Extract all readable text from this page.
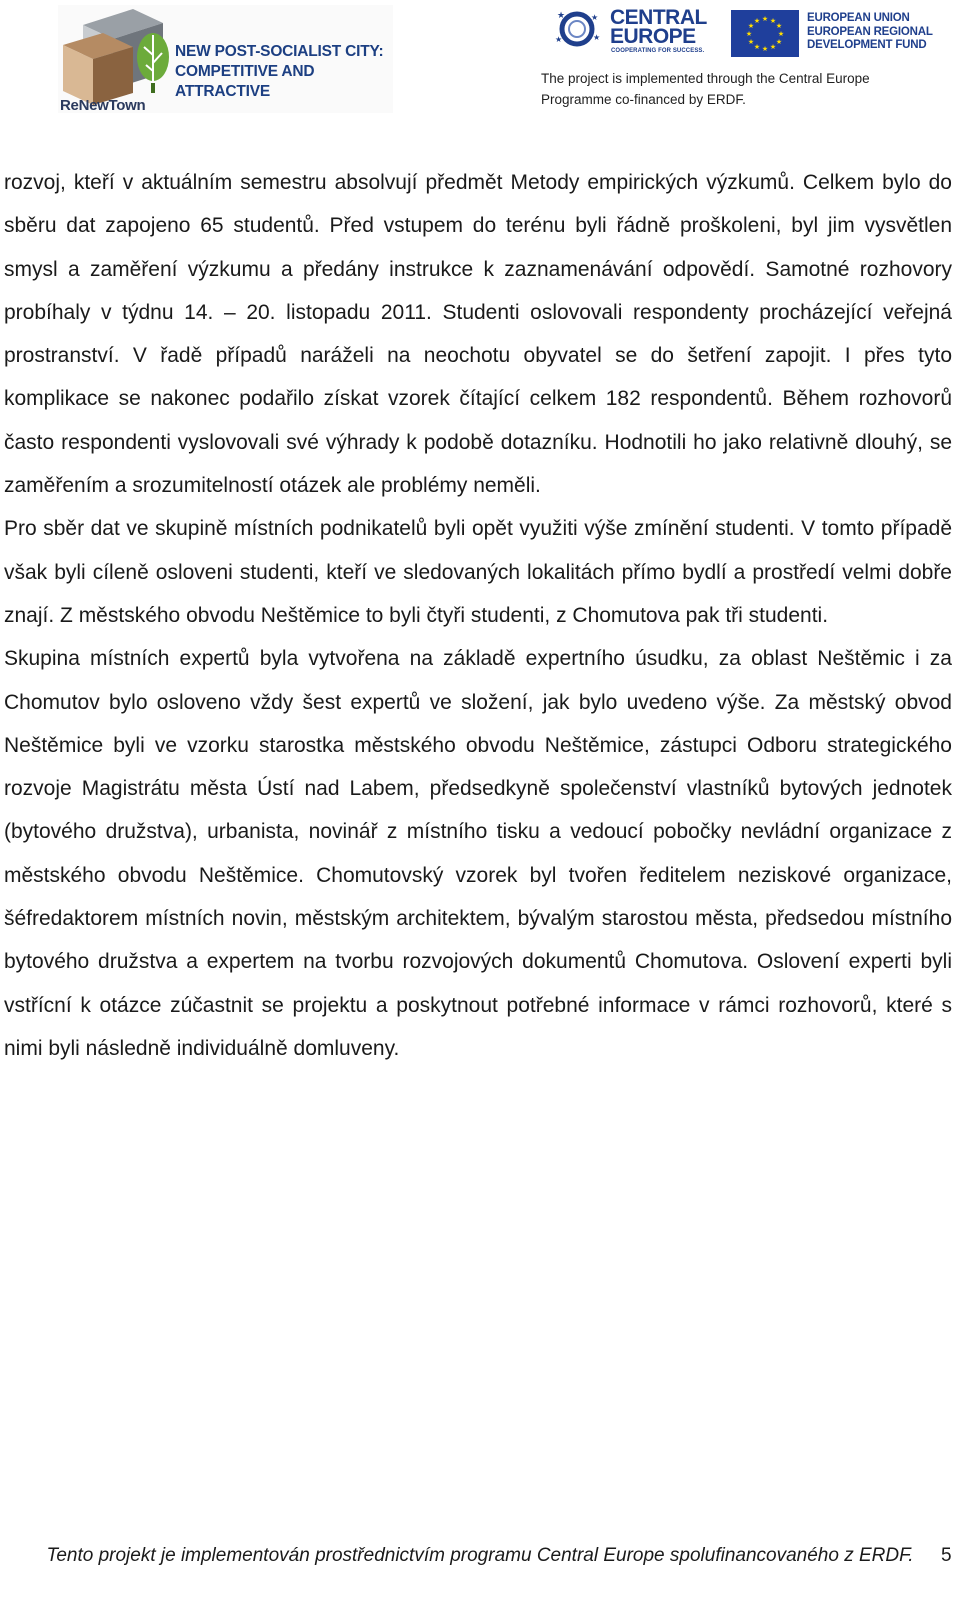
NEW POST-SOCIALIST CITY:
COMPETITIVE AND ATTRACTIVE
ReNewTown
★	★
★
★
CENTRAL
EUROPE
COOPERATING FOR SUCCESS.
★ ★
★
★
★
★
★
★
★
★
★
★	EUROPEAN UNION
EUROPEAN REGIONAL
DEVELOPMENT FUND
The project is implemented through the Central Europe
Programme co-financed by ERDF.

rozvoj, kteří v aktuálním semestru absolvují předmět Metody empirických výzkumů. Celkem bylo do sběru dat zapojeno 65 studentů. Před vstupem do terénu byli řádně proškoleni, byl jim vysvětlen smysl a zaměření výzkumu a předány instrukce k zaznamenávání odpovědí. Samotné rozhovory probíhaly v týdnu 14. – 20. listopadu 2011. Studenti oslovovali respondenty procházející veřejná prostranství. V řadě případů naráželi na neochotu obyvatel se do šetření zapojit. I přes tyto komplikace se nakonec podařilo získat vzorek čítající celkem 182 respondentů. Během rozhovorů často respondenti vyslovovali své výhrady k podobě dotazníku. Hodnotili ho jako relativně dlouhý, se zaměřením a srozumitelností otázek ale problémy neměli.

Pro sběr dat ve skupině místních podnikatelů byli opět využiti výše zmínění studenti. V tomto případě však byli cíleně osloveni studenti, kteří ve sledovaných lokalitách přímo bydlí a prostředí velmi dobře znají. Z městského obvodu Neštěmice to byli čtyři studenti, z Chomutova pak tři studenti.

Skupina místních expertů byla vytvořena na základě expertního úsudku, za oblast Neštěmic i za Chomutov bylo osloveno vždy šest expertů ve složení, jak bylo uvedeno výše. Za městský obvod Neštěmice byli ve vzorku starostka městského obvodu Neštěmice, zástupci Odboru strategického rozvoje Magistrátu města Ústí nad Labem, předsedkyně společenství vlastníků bytových jednotek (bytového družstva), urbanista, novinář z místního tisku a vedoucí pobočky nevládní organizace z městského obvodu Neštěmice. Chomutovský vzorek byl tvořen ředitelem neziskové organizace, šéfredaktorem místních novin, městským architektem, bývalým starostou města, předsedou místního bytového družstva a expertem na tvorbu rozvojových dokumentů Chomutova. Oslovení experti byli vstřícní k otázce zúčastnit se projektu a poskytnout potřebné informace v rámci rozhovorů, které s nimi byli následně individuálně domluveny.

Tento projekt je implementován prostřednictvím programu Central Europe spolufinancovaného z ERDF.	5
